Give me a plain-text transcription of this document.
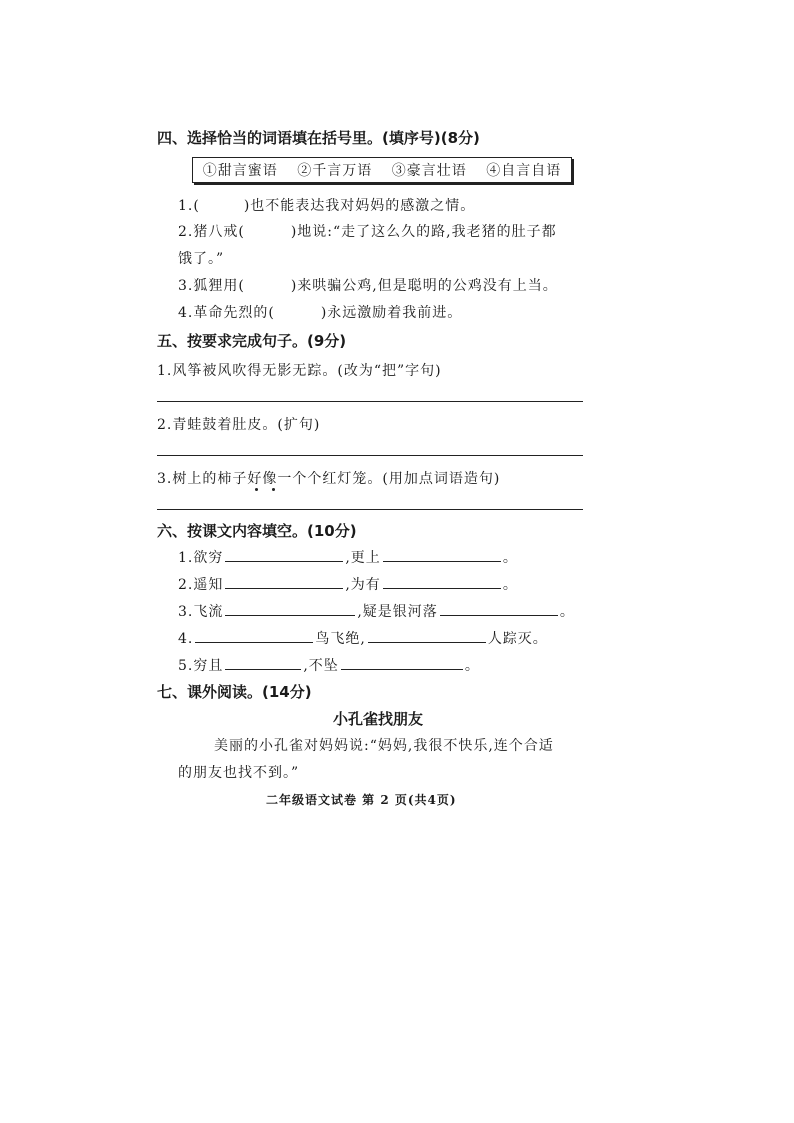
四、选择恰当的词语填在括号里。(填序号)(8分)
①甜言蜜语 ②千言万语 ③豪言壮语 ④自言自语
1.(	)也不能表达我对妈妈的感激之情。
2.猪八戒(	)地说:“走了这么久的路,我老猪的肚子都
饿了。”
3.狐狸用(	)来哄骗公鸡,但是聪明的公鸡没有上当。
4.革命先烈的(	)永远激励着我前进。
五、按要求完成句子。(9分)
1.风筝被风吹得无影无踪。(改为“把”字句)
2.青蛙鼓着肚皮。(扩句)
3.树上的柿子好像一个个红灯笼。(用加点词语造句)
六、按课文内容填空。(10分)
1.欲穷	,更上	。
2.遥知	,为有	。
3.飞流	,疑是银河落	。
4.	鸟飞绝,	人踪灭。
5.穷且	,不坠	。
七、课外阅读。(14分)
小孔雀找朋友
美丽的小孔雀对妈妈说:“妈妈,我很不快乐,连个合适
的朋友也找不到。”
二年级语文试卷 第 2 页(共4页)
